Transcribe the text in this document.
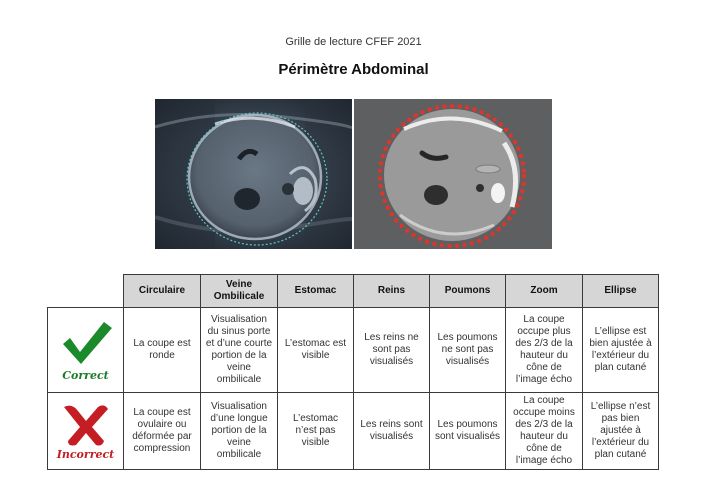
Grille de lecture CFEF 2021
Périmètre Abdominal
	Circulaire	Veine Ombilicale	Estomac	Reins	Poumons	Zoom	Ellipse

Correct	La coupe est ronde	Visualisation du sinus porte et d’une courte portion de la veine ombilicale	L’estomac est visible	Les reins ne sont pas visualisés	Les poumons ne sont pas visualisés	La coupe occupe plus des 2/3 de la hauteur du cône de l’image écho	L’ellipse est bien ajustée à l’extérieur du plan cutané

Incorrect	La coupe est ovulaire ou déformée par compression	Visualisation d’une longue portion de la veine ombilicale	L’estomac n’est pas visible	Les reins sont visualisés	Les poumons sont visualisés	La coupe occupe moins des 2/3 de la hauteur du cône de l’image écho	L’ellipse n’est pas bien ajustée à l’extérieur du plan cutané
